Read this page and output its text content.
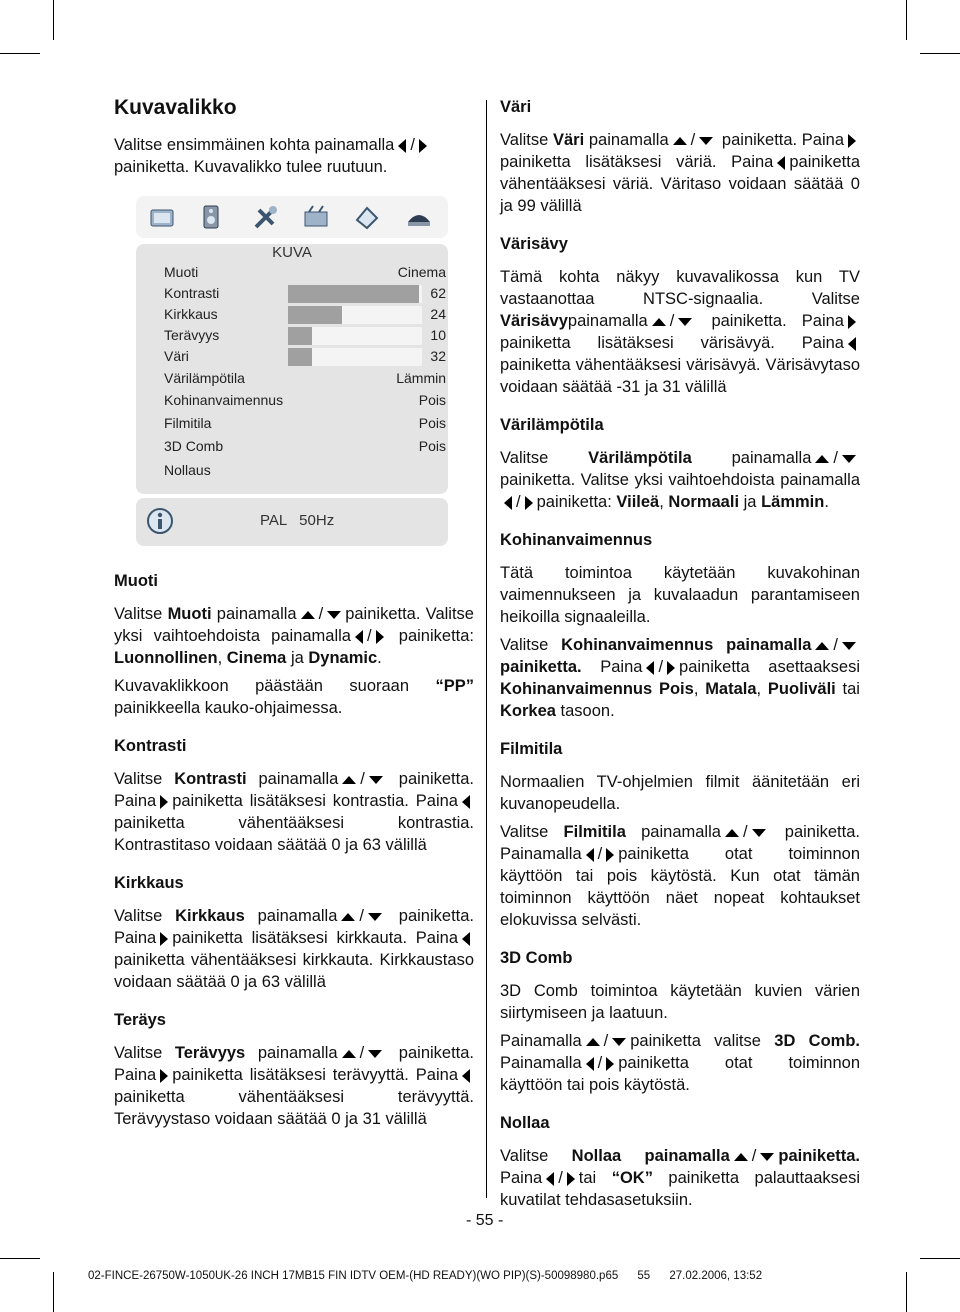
Kuvavalikko

Valitse ensimmäinen kohta painamalla /
painiketta. Kuvavalikko tulee ruutuun.

KUVA
Muoti	Cinema
Kontrasti	62
Kirkkaus	24
Terävyys	10
Väri	32
Värilämpötila	Lämmin
Kohinanvaimennus	Pois
Filmitila	Pois
3D Comb	Pois
Nollaus
PAL   50Hz
Muoti

Valitse Muoti painamalla / painiketta. Valitse yksi vaihtoehdoista painamalla / painiketta: Luonnollinen, Cinema ja Dynamic.

Kuvavaklikkoon päästään suoraan “PP” painikkeella kauko-ohjaimessa.

Kontrasti

Valitse Kontrasti painamalla / painiketta. Paina painiketta lisätäksesi kontrastia. Painapainiketta vähentääksesi kontrastia. Kontrastitaso voidaan säätää 0 ja 63 välillä

Kirkkaus

Valitse Kirkkaus painamalla / painiketta. Paina painiketta lisätäksesi kirkkauta. Painapainiketta vähentääksesi kirkkauta. Kirkkaustaso voidaan säätää 0 ja 63 välillä

Teräys

Valitse Terävyys painamalla / painiketta. Paina painiketta lisätäksesi terävyyttä. Painapainiketta vähentääksesi terävyyttä. Terävyystaso voidaan säätää 0 ja 31 välillä

Väri

Valitse Väri painamalla / painiketta. Painapainiketta lisätäksesi väriä. Paina painiketta vähentääksesi väriä. Väritaso voidaan säätää 0 ja 99 välillä

Värisävy

Tämä kohta näkyy kuvavalikossa kun TV vastaanottaa NTSC-signaalia. Valitse Värisävypainamalla / painiketta. Painapainiketta lisätäksesi värisävyä. Painapainiketta vähentääksesi värisävyä. Värisävytaso voidaan säätää -31 ja 31 välillä

Värilämpötila

Valitse Värilämpötila painamalla / painiketta. Valitse yksi vaihtoehdoista painamalla/ painiketta: Viileä, Normaali ja Lämmin.

Kohinanvaimennus

Tätä toimintoa käytetään kuvakohinan vaimennukseen ja kuvalaadun parantamiseen heikoilla signaaleilla.

Valitse Kohinanvaimennus painamalla /painiketta. Paina / painiketta asettaaksesi Kohinanvaimennus Pois, Matala, Puoliväli tai Korkea tasoon.

Filmitila

Normaalien TV-ohjelmien filmit äänitetään eri kuvanopeudella.

Valitse Filmitila painamalla / painiketta. Painamalla / painiketta otat toiminnon käyttöön tai pois käytöstä. Kun otat tämän toiminnon käyttöön näet nopeat kohtaukset elokuvissa selvästi.

3D Comb

3D Comb toimintoa käytetään kuvien värien siirtymiseen ja laatuun.

Painamalla / painiketta valitse 3D Comb. Painamalla / painiketta otat toiminnon käyttöön tai pois käytöstä.

Nollaa

Valitse Nollaa painamalla / painiketta. Paina / tai “OK” painiketta palauttaaksesi kuvatilat tehdasasetuksiin.

- 55 -
02-FINCE-26750W-1050UK-26 INCH 17MB15 FIN IDTV OEM-(HD READY)(WO PIP)(S)-50098980.p65      55      27.02.2006, 13:52
